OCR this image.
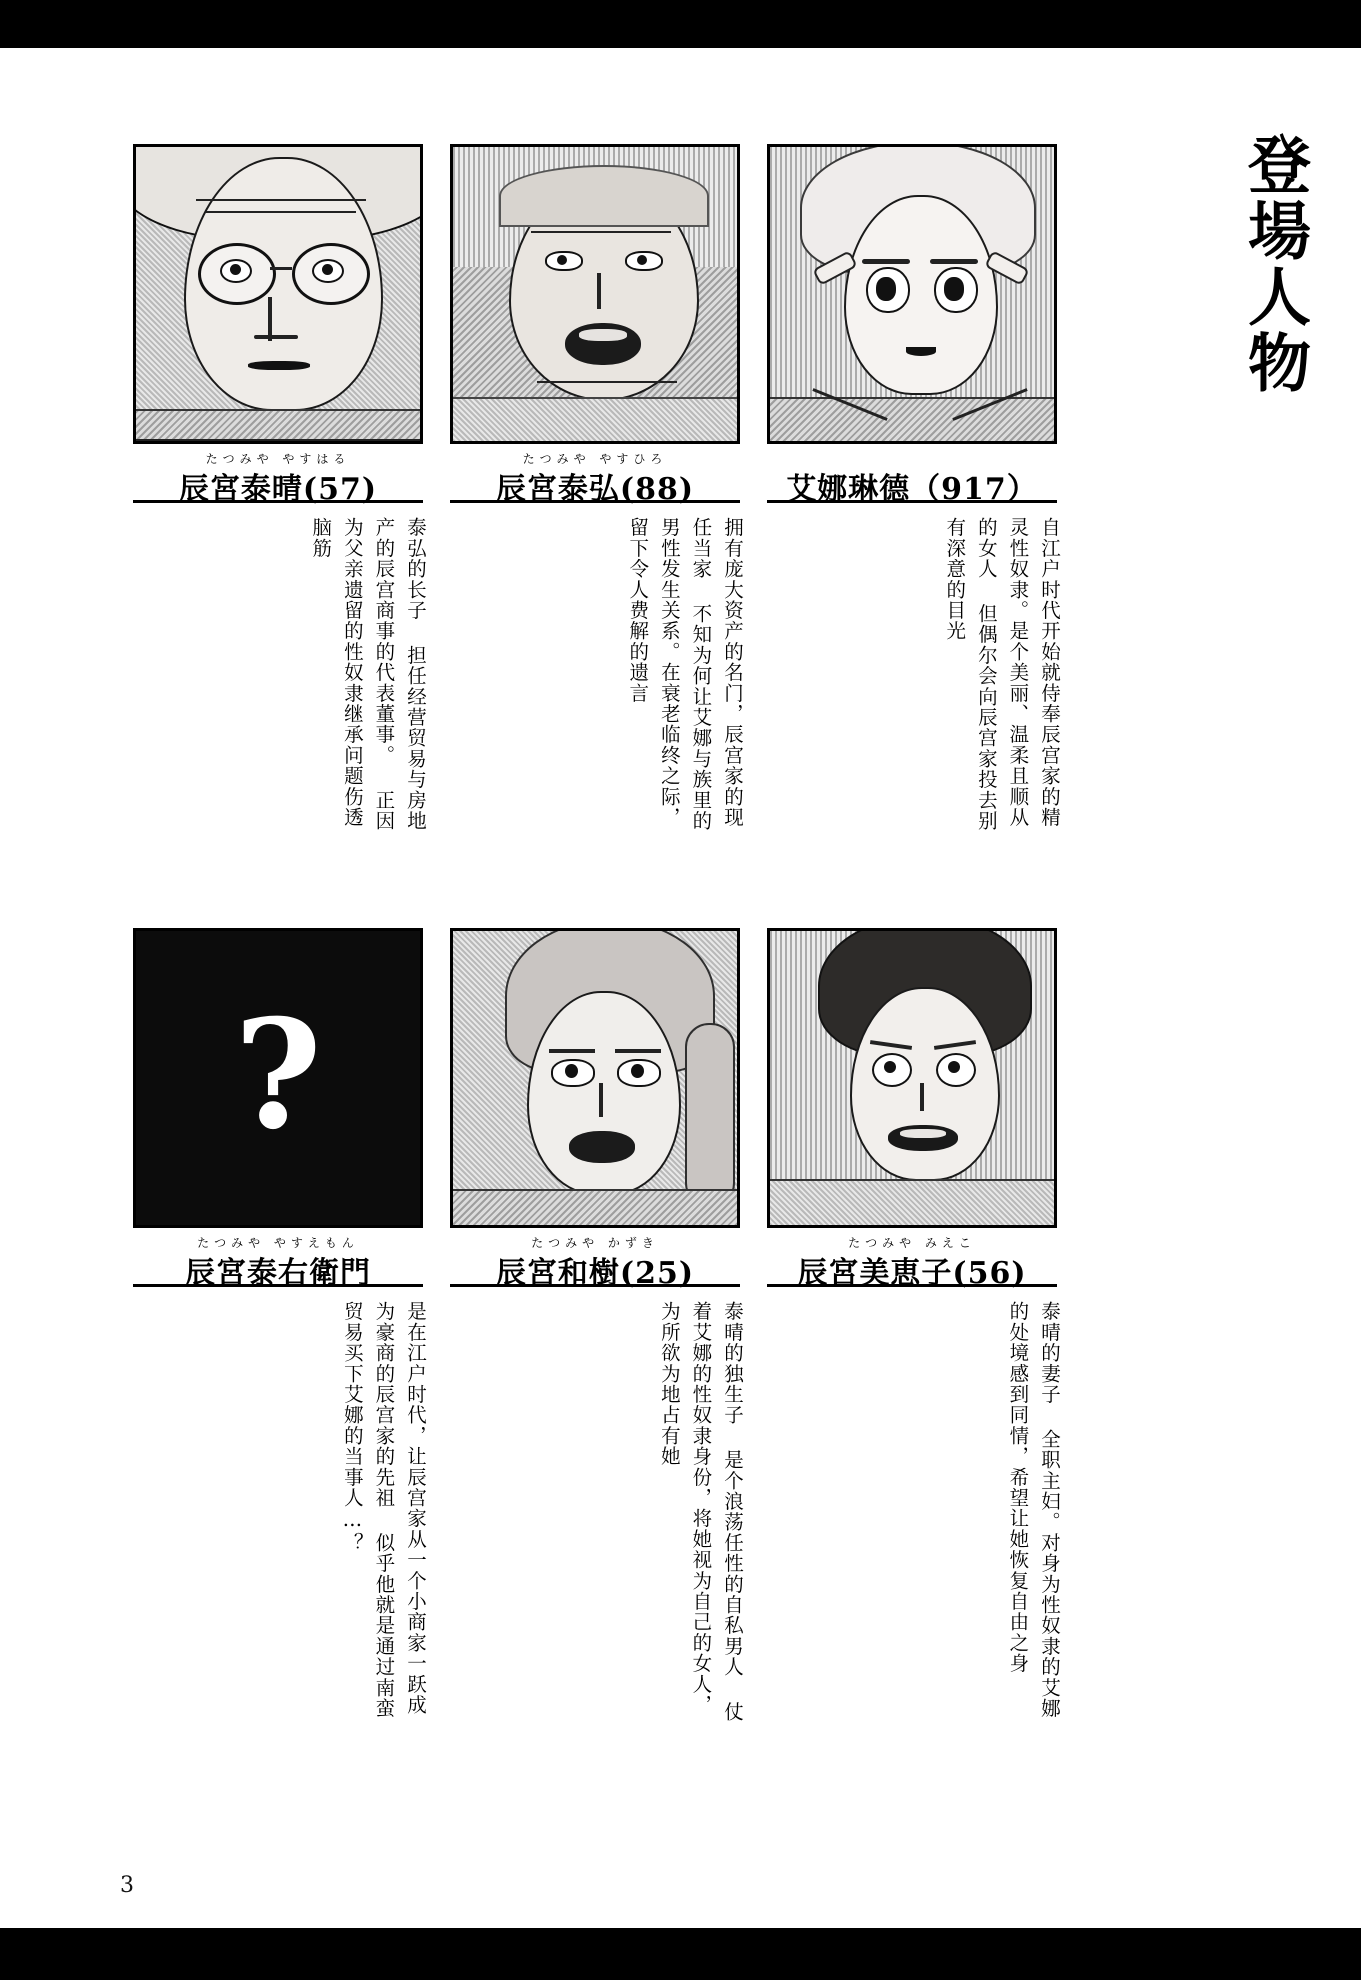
登場人物
たつみや やすはる
辰宮泰晴(57)
泰弘的长子 担任经营贸易与房地产的辰宫商事的代表董事。 正因为父亲遗留的性奴隶继承问题伤透脑筋
たつみや やすひろ
辰宮泰弘(88)
拥有庞大资产的名门，辰宫家的现任当家 不知为何让艾娜与族里的男性发生关系。在衰老临终之际，留下令人费解的遗言
艾娜琳德（917）
自江户时代开始就侍奉辰宫家的精灵性奴隶。是个美丽、温柔且顺从的女人 但偶尔会向辰宫家投去别有深意的目光
?
たつみや やすえもん
辰宮泰右衛門
是在江户时代，让辰宫家从一个小商家一跃成为豪商的辰宫家的先祖 似乎他就是通过南蛮贸易买下艾娜的当事人…？
たつみや かずき
辰宮和樹(25)
泰晴的独生子 是个浪荡任性的自私男人 仗着艾娜的性奴隶身份，将她视为自己的女人，为所欲为地占有她
たつみや みえこ
辰宮美恵子(56)
泰晴的妻子 全职主妇。对身为性奴隶的艾娜的处境感到同情，希望让她恢复自由之身
3
